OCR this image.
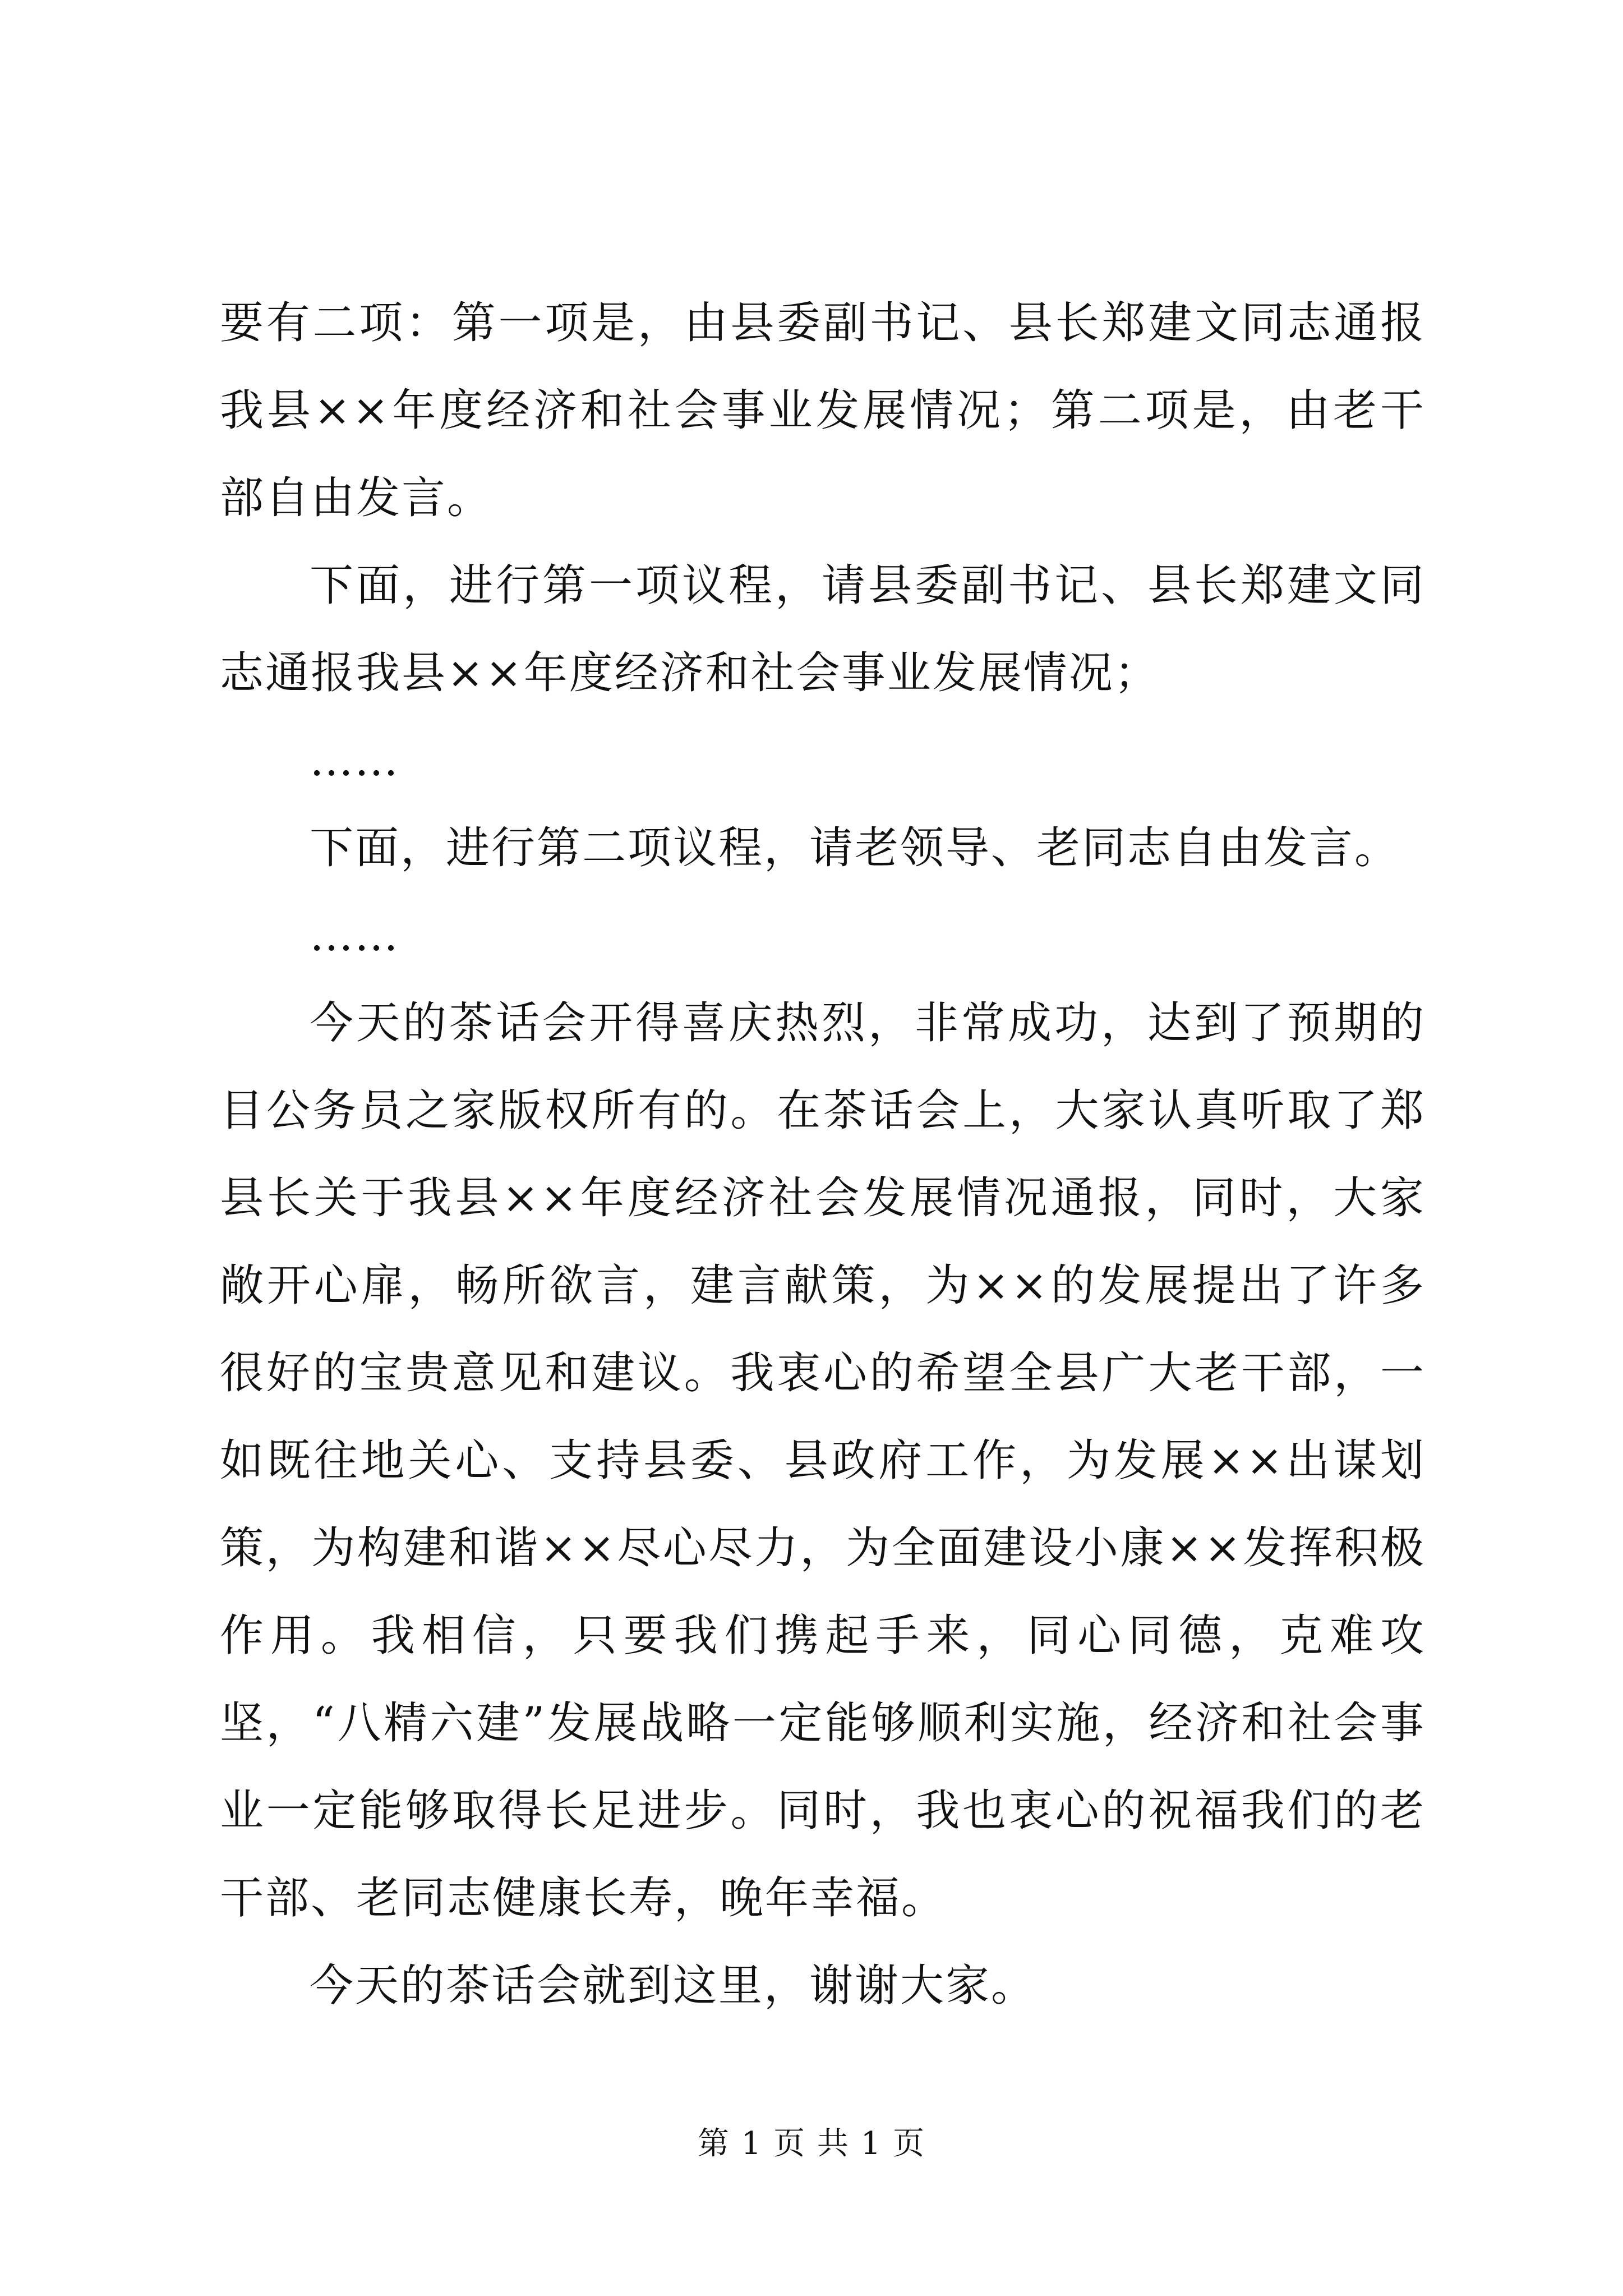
要有二项：第一项是，由县委副书记、县长郑建文同志通报我县××年度经济和社会事业发展情况；第二项是，由老干部自由发言。

下面，进行第一项议程，请县委副书记、县长郑建文同志通报我县××年度经济和社会事业发展情况；

……

下面，进行第二项议程，请老领导、老同志自由发言。

……

今天的茶话会开得喜庆热烈，非常成功，达到了预期的目公务员之家版权所有的。在茶话会上，大家认真听取了郑县长关于我县××年度经济社会发展情况通报，同时，大家敞开心扉，畅所欲言，建言献策，为××的发展提出了许多很好的宝贵意见和建议。我衷心的希望全县广大老干部，一如既往地关心、支持县委、县政府工作，为发展××出谋划策，为构建和谐××尽心尽力，为全面建设小康××发挥积极作用。我相信，只要我们携起手来，同心同德，克难攻坚，“八精六建”发展战略一定能够顺利实施，经济和社会事业一定能够取得长足进步。同时，我也衷心的祝福我们的老干部、老同志健康长寿，晚年幸福。

今天的茶话会就到这里，谢谢大家。

第 1 页 共 1 页
